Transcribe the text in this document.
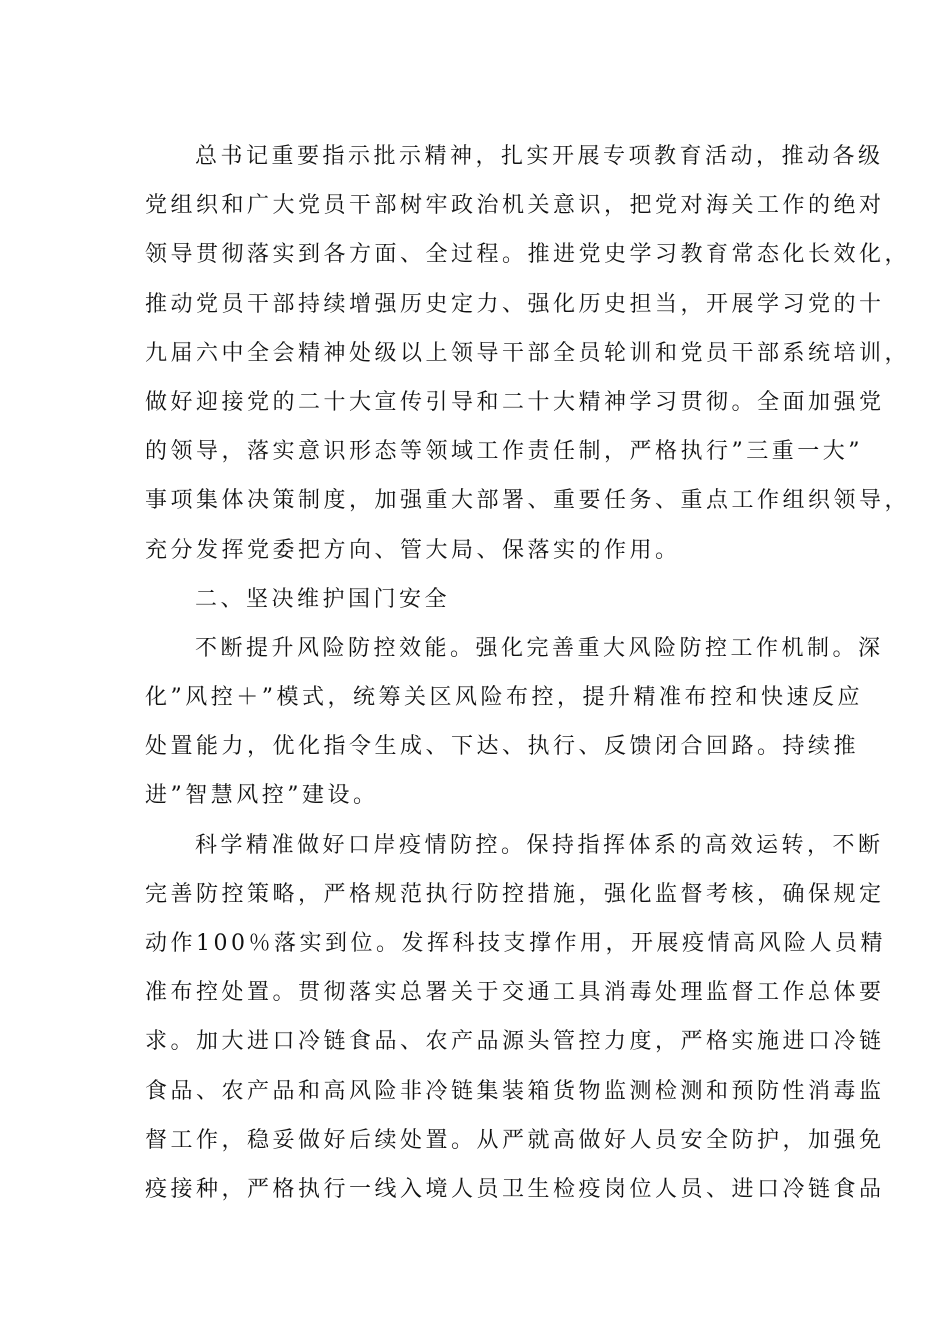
总书记重要指示批示精神，扎实开展专项教育活动，推动各级
党组织和广大党员干部树牢政治机关意识，把党对海关工作的绝对
领导贯彻落实到各方面、全过程。推进党史学习教育常态化长效化，
推动党员干部持续增强历史定力、强化历史担当，开展学习党的十
九届六中全会精神处级以上领导干部全员轮训和党员干部系统培训，
做好迎接党的二十大宣传引导和二十大精神学习贯彻。全面加强党
的领导，落实意识形态等领域工作责任制，严格执行”三重一大”
事项集体决策制度，加强重大部署、重要任务、重点工作组织领导，
充分发挥党委把方向、管大局、保落实的作用。
二、坚决维护国门安全
不断提升风险防控效能。强化完善重大风险防控工作机制。深
化”风控＋”模式，统筹关区风险布控，提升精准布控和快速反应
处置能力，优化指令生成、下达、执行、反馈闭合回路。持续推
进”智慧风控”建设。
科学精准做好口岸疫情防控。保持指挥体系的高效运转，不断
完善防控策略，严格规范执行防控措施，强化监督考核，确保规定
动作100％落实到位。发挥科技支撑作用，开展疫情高风险人员精
准布控处置。贯彻落实总署关于交通工具消毒处理监督工作总体要
求。加大进口冷链食品、农产品源头管控力度，严格实施进口冷链
食品、农产品和高风险非冷链集装箱货物监测检测和预防性消毒监
督工作，稳妥做好后续处置。从严就高做好人员安全防护，加强免
疫接种，严格执行一线入境人员卫生检疫岗位人员、进口冷链食品
